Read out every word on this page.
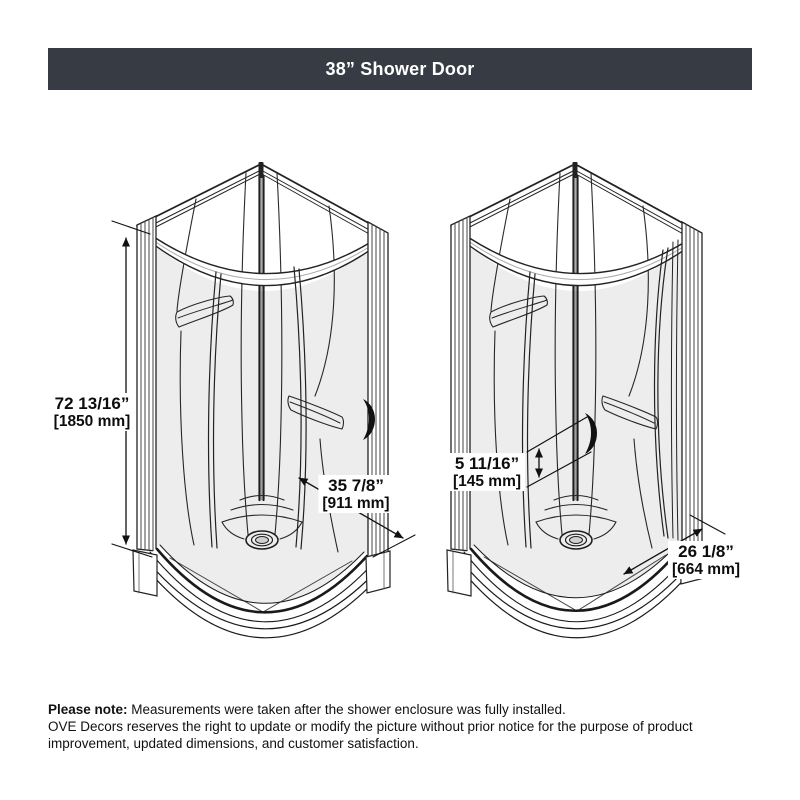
38” Shower Door
72 13/16”
[1850 mm]
35 7/8”
[911 mm]
5 11/16”
[145 mm]
26 1/8”
[664 mm]
Please note: Measurements were taken after the shower enclosure was fully installed.
OVE Decors reserves the right to update or modify the picture without prior notice for the purpose of product improvement, updated dimensions, and customer satisfaction.
